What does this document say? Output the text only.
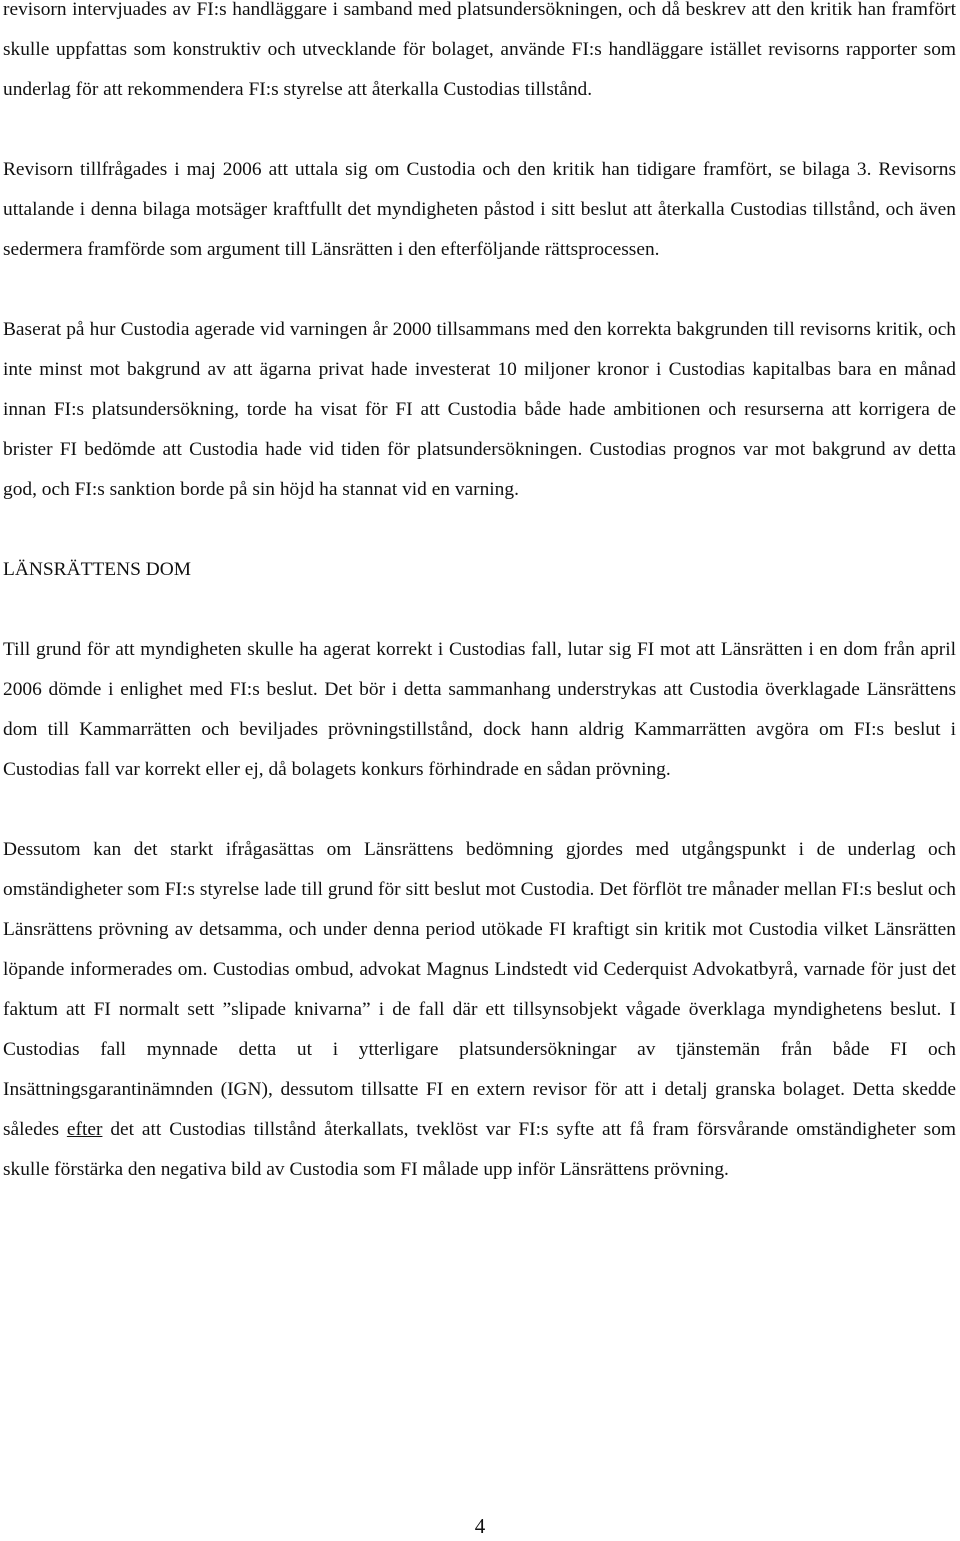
revisorn intervjuades av FI:s handläggare i samband med platsundersökningen, och då beskrev att den kritik han framfört skulle uppfattas som konstruktiv och utvecklande för bolaget, använde FI:s handläggare istället revisorns rapporter som underlag för att rekommendera FI:s styrelse att återkalla Custodias tillstånd.

Revisorn tillfrågades i maj 2006 att uttala sig om Custodia och den kritik han tidigare framfört, se bilaga 3. Revisorns uttalande i denna bilaga motsäger kraftfullt det myndigheten påstod i sitt beslut att återkalla Custodias tillstånd, och även sedermera framförde som argument till Länsrätten i den efterföljande rättsprocessen.

Baserat på hur Custodia agerade vid varningen år 2000 tillsammans med den korrekta bakgrunden till revisorns kritik, och inte minst mot bakgrund av att ägarna privat hade investerat 10 miljoner kronor i Custodias kapitalbas bara en månad innan FI:s platsundersökning, torde ha visat för FI att Custodia både hade ambitionen och resurserna att korrigera de brister FI bedömde att Custodia hade vid tiden för platsundersökningen. Custodias prognos var mot bakgrund av detta god, och FI:s sanktion borde på sin höjd ha stannat vid en varning.

LÄNSRÄTTENS DOM

Till grund för att myndigheten skulle ha agerat korrekt i Custodias fall, lutar sig FI mot att Länsrätten i en dom från april 2006 dömde i enlighet med FI:s beslut. Det bör i detta sammanhang understrykas att Custodia överklagade Länsrättens dom till Kammarrätten och beviljades prövningstillstånd, dock hann aldrig Kammarrätten avgöra om FI:s beslut i Custodias fall var korrekt eller ej, då bolagets konkurs förhindrade en sådan prövning.

Dessutom kan det starkt ifrågasättas om Länsrättens bedömning gjordes med utgångspunkt i de underlag och omständigheter som FI:s styrelse lade till grund för sitt beslut mot Custodia. Det förflöt tre månader mellan FI:s beslut och Länsrättens prövning av detsamma, och under denna period utökade FI kraftigt sin kritik mot Custodia vilket Länsrätten löpande informerades om. Custodias ombud, advokat Magnus Lindstedt vid Cederquist Advokatbyrå, varnade för just det faktum att FI normalt sett ”slipade knivarna” i de fall där ett tillsynsobjekt vågade överklaga myndighetens beslut. I Custodias fall mynnade detta ut i ytterligare platsundersökningar av tjänstemän från både FI och Insättningsgarantinämnden (IGN), dessutom tillsatte FI en extern revisor för att i detalj granska bolaget. Detta skedde således efter det att Custodias tillstånd återkallats, tveklöst var FI:s syfte att få fram försvårande omständigheter som skulle förstärka den negativa bild av Custodia som FI målade upp inför Länsrättens prövning.

4
